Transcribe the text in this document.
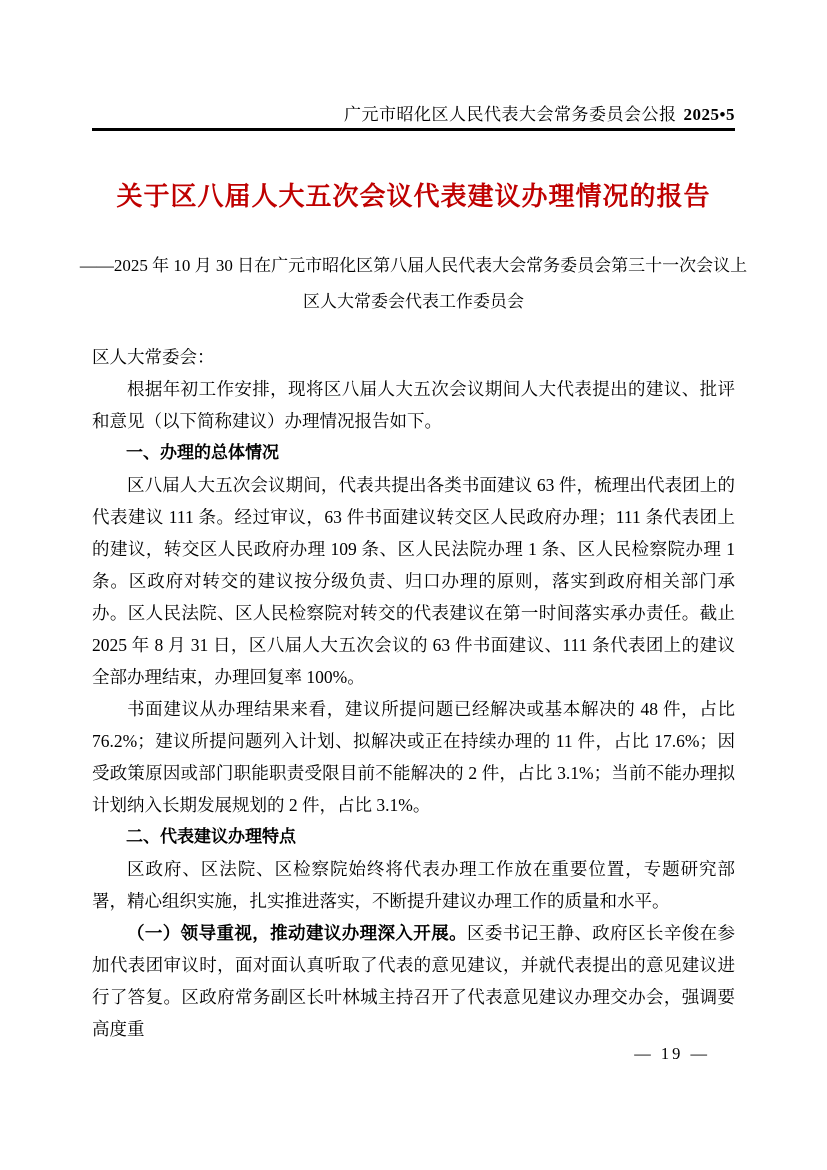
广元市昭化区人民代表大会常务委员会公报 2025•5
关于区八届人大五次会议代表建议办理情况的报告
——2025 年 10 月 30 日在广元市昭化区第八届人民代表大会常务委员会第三十一次会议上
区人大常委会代表工作委员会

区人大常委会：

根据年初工作安排，现将区八届人大五次会议期间人大代表提出的建议、批评和意见（以下简称建议）办理情况报告如下。

一、办理的总体情况

区八届人大五次会议期间，代表共提出各类书面建议 63 件，梳理出代表团上的代表建议 111 条。经过审议，63 件书面建议转交区人民政府办理；111 条代表团上的建议，转交区人民政府办理 109 条、区人民法院办理 1 条、区人民检察院办理 1 条。区政府对转交的建议按分级负责、归口办理的原则，落实到政府相关部门承办。区人民法院、区人民检察院对转交的代表建议在第一时间落实承办责任。截止 2025 年 8 月 31 日，区八届人大五次会议的 63 件书面建议、111 条代表团上的建议全部办理结束，办理回复率 100%。

书面建议从办理结果来看，建议所提问题已经解决或基本解决的 48 件，占比 76.2%；建议所提问题列入计划、拟解决或正在持续办理的 11 件，占比 17.6%；因受政策原因或部门职能职责受限目前不能解决的 2 件，占比 3.1%；当前不能办理拟计划纳入长期发展规划的 2 件，占比 3.1%。

二、代表建议办理特点

区政府、区法院、区检察院始终将代表办理工作放在重要位置，专题研究部署，精心组织实施，扎实推进落实，不断提升建议办理工作的质量和水平。

（一）领导重视，推动建议办理深入开展。区委书记王静、政府区长辛俊在参加代表团审议时，面对面认真听取了代表的意见建议，并就代表提出的意见建议进行了答复。区政府常务副区长叶林城主持召开了代表意见建议办理交办会，强调要高度重

— 19 —
